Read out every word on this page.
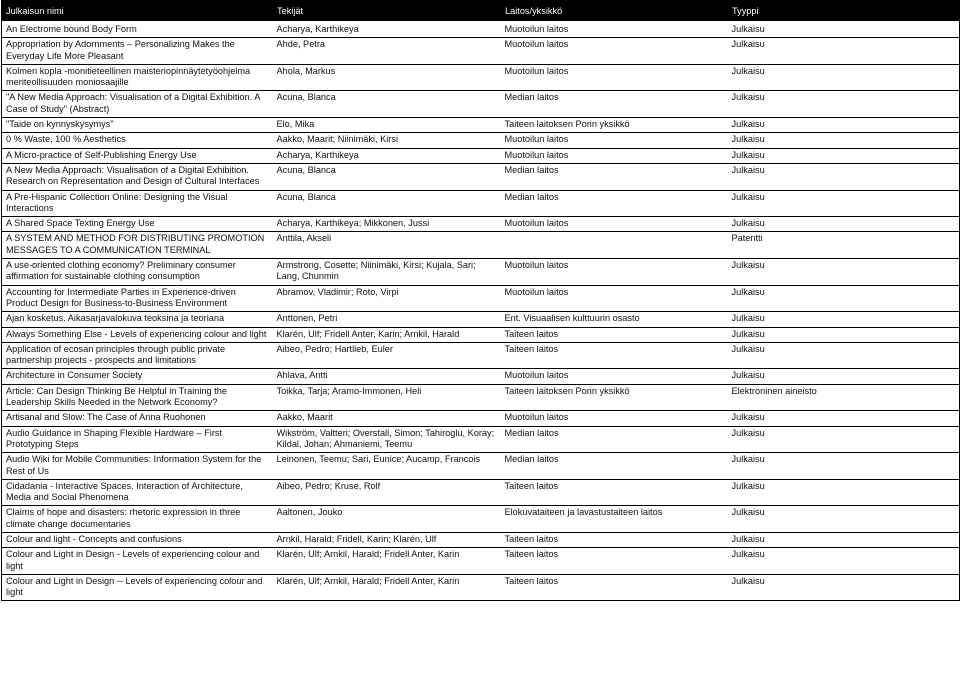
Julkaisun nimi	Tekijät	Laitos/yksikkö	Tyyppi
An Electrome bound Body Form	Acharya, Karthikeya	Muotoilun laitos	Julkaisu
Appropriation by Adornments – Personalizing Makes the Everyday Life More Pleasant	Ahde, Petra	Muotoilun laitos	Julkaisu
Kolmen kopla -monitieteellinen maisteriopinnäytetyöohjelma meriteollisuuden moniosaajille	Ahola, Markus	Muotoilun laitos	Julkaisu
"A New Media Approach: Visualisation of a Digital Exhibition. A Case of Study" (Abstract)	Acuna, Blanca	Median laitos	Julkaisu
"Taide on kynnyskysymys"	Elo, Mika	Taiteen laitoksen Porin yksikkö	Julkaisu
0 % Waste, 100 % Aesthetics	Aakko, Maarit; Niinimäki, Kirsi	Muotoilun laitos	Julkaisu
A Micro-practice of Self-Publishing Energy Use	Acharya, Karthikeya	Muotoilun laitos	Julkaisu
A New Media Approach: Visualisation of a Digital Exhibition. Research on Representation and Design of Cultural Interfaces	Acuna, Blanca	Median laitos	Julkaisu
A Pre-Hispanic Collection Online: Designing the Visual Interactions	Acuna, Blanca	Median laitos	Julkaisu
A Shared Space Texting Energy Use	Acharya, Karthikeya; Mikkonen, Jussi	Muotoilun laitos	Julkaisu
A SYSTEM AND METHOD FOR DISTRIBUTING PROMOTION MESSAGES TO A COMMUNICATION TERMINAL	Anttila, Akseli		Patentti
A use-oriented clothing economy? Preliminary consumer affirmation for sustainable clothing consumption	Armstrong, Cosette; Niinimäki, Kirsi; Kujala, Sari; Lang, Chunmin	Muotoilun laitos	Julkaisu
Accounting for Intermediate Parties in Experience-driven Product Design for Business-to-Business Environment	Abramov, Vladimir; Roto, Virpi	Muotoilun laitos	Julkaisu
Ajan kosketus. Aikasarjavalokuva teoksina ja teoriana	Anttonen, Petri	Ent. Visuaalisen kulttuurin osasto	Julkaisu
Always Something Else - Levels of experiencing colour and light	Klarén, Ulf; Fridell Anter, Karin; Arnkil, Harald	Taiteen laitos	Julkaisu
Application of ecosan principles through public private partnership projects - prospects and limitations	Aibeo, Pedro; Hartlieb, Euler	Taiteen laitos	Julkaisu
Architecture in Consumer Society	Ahlava, Antti	Muotoilun laitos	Julkaisu
Article: Can Design Thinking Be Helpful in Training the Leadership Skills Needed in the Network Economy?	Toikka, Tarja; Aramo-Immonen, Heli	Taiteen laitoksen Porin yksikkö	Elektroninen aineisto
Artisanal and Slow: The Case of Anna Ruohonen	Aakko, Maarit	Muotoilun laitos	Julkaisu
Audio Guidance in Shaping Flexible Hardware – First Prototyping Steps	Wikström, Valtteri; Overstall, Simon; Tahiroglu, Koray; Kildal, Johan; Ahmaniemi, Teemu	Median laitos	Julkaisu
Audio Wiki for Mobile Communities: Information System for the Rest of Us	Leinonen, Teemu; Sari, Eunice; Aucamp, Francois	Median laitos	Julkaisu
Cidadania - Interactive Spaces. Interaction of Architecture, Media and Social Phenomena	Aibeo, Pedro; Kruse, Rolf	Taiteen laitos	Julkaisu
Claims of hope and disasters: rhetoric expression in three climate change documentaries	Aaltonen, Jouko	Elokuvataiteen ja lavastustaiteen laitos	Julkaisu
Colour and light - Concepts and confusions	Arnkil, Harald; Fridell, Karin; Klarén, Ulf	Taiteen laitos	Julkaisu
Colour and Light in Design - Levels of experiencing colour and light	Klarén, Ulf; Arnkil, Harald; Fridell Anter, Karin	Taiteen laitos	Julkaisu
Colour and Light in Design -- Levels of experiencing colour and light	Klarén, Ulf; Arnkil, Harald; Fridell Anter, Karin	Taiteen laitos	Julkaisu
